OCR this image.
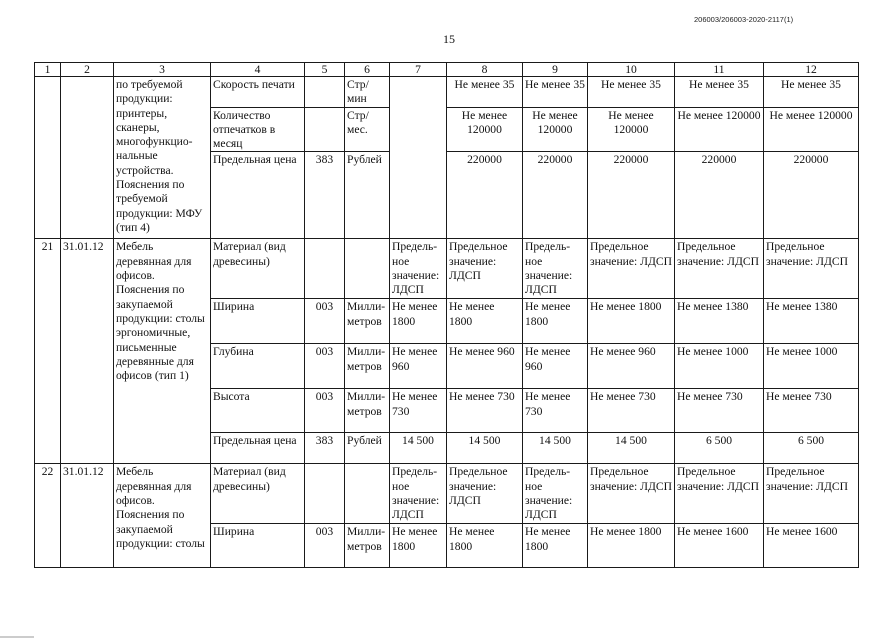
206003/206003-2020-2117(1)
15
1	2	3	4	5	6	7	8	9	10	11	12
		по требуемой продукции: принтеры, сканеры, многофункцио-нальные устройства. Пояснения по требуемой продукции: МФУ (тип 4)	Скорость печати		Стр/ мин		Не менее 35	Не менее 35	Не менее 35	Не менее 35	Не менее 35
			Количество отпечатков в месяц		Стр/ мес.		Не менее 120000	Не менее 120000	Не менее 120000	Не менее 120000	Не менее 120000
			Предельная цена	383	Рублей		220000	220000	220000	220000	220000
21	31.01.12	Мебель деревянная для офисов. Пояснения по закупаемой продукции: столы эргономичные, письменные деревянные для офисов (тип 1)	Материал (вид древесины)			Предель-ное значение: ЛДСП	Предельное значение: ЛДСП	Предель-ное значение: ЛДСП	Предельное значение: ЛДСП	Предельное значение: ЛДСП	Предельное значение: ЛДСП
			Ширина	003	Милли-метров	Не менее 1800	Не менее 1800	Не менее 1800	Не менее 1800	Не менее 1380	Не менее 1380
			Глубина	003	Милли-метров	Не менее 960	Не менее 960	Не менее 960	Не менее 960	Не менее 1000	Не менее 1000
			Высота	003	Милли-метров	Не менее 730	Не менее 730	Не менее 730	Не менее 730	Не менее 730	Не менее 730
			Предельная цена	383	Рублей	14 500	14 500	14 500	14 500	6 500	6 500
22	31.01.12	Мебель деревянная для офисов. Пояснения по закупаемой продукции: столы	Материал (вид древесины)			Предель-ное значение: ЛДСП	Предельное значение: ЛДСП	Предель-ное значение: ЛДСП	Предельное значение: ЛДСП	Предельное значение: ЛДСП	Предельное значение: ЛДСП
			Ширина	003	Милли-метров	Не менее 1800	Не менее 1800	Не менее 1800	Не менее 1800	Не менее 1600	Не менее 1600
